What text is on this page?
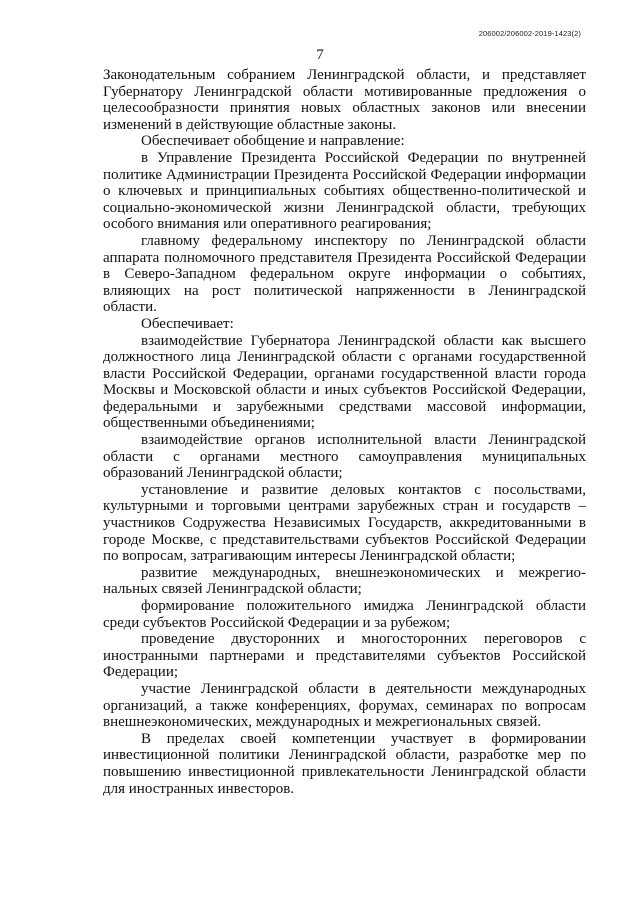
206002/206002-2019-1423(2)
7

Законодательным собранием Ленинградской области, и представляет Губернатору Ленинградской области мотивированные предложения о целесообразности принятия новых областных законов или внесении изменений в действующие областные законы.

Обеспечивает обобщение и направление:

в Управление Президента Российской Федерации по внутренней политике Администрации Президента Российской Федерации информации о ключевых и принципиальных событиях общественно-политической и социально-экономической жизни Ленинградской области, требующих особого внимания или оперативного реагирования;

главному федеральному инспектору по Ленинградской области аппарата полномочного представителя Президента Российской Федерации в Северо-Западном федеральном округе информации о событиях, влияющих на рост политической напряженности в Ленинградской области.

Обеспечивает:

взаимодействие Губернатора Ленинградской области как высшего должностного лица Ленинградской области с органами государственной власти Российской Федерации, органами государственной власти города Москвы и Московской области и иных субъектов Российской Федерации, федеральными и зарубежными средствами массовой информации, общественными объединениями;

взаимодействие органов исполнительной власти Ленинградской области с органами местного самоуправления муниципальных образований Ленинградской области;

установление и развитие деловых контактов с посольствами, культурными и торговыми центрами зарубежных стран и государств – участников Содружества Независимых Государств, аккредитованными в городе Москве, с представительствами субъектов Российской Федерации по вопросам, затрагивающим интересы Ленинградской области;

развитие международных, внешнеэкономических и межрегио-нальных связей Ленинградской области;

формирование положительного имиджа Ленинградской области среди субъектов Российской Федерации и за рубежом;

проведение двусторонних и многосторонних переговоров с иностранными партнерами и представителями субъектов Российской Федерации;

участие Ленинградской области в деятельности международных организаций, а также конференциях, форумах, семинарах по вопросам внешнеэкономических, международных и межрегиональных связей.

В пределах своей компетенции участвует в формировании инвестиционной политики Ленинградской области, разработке мер по повышению инвестиционной привлекательности Ленинградской области для иностранных инвесторов.
